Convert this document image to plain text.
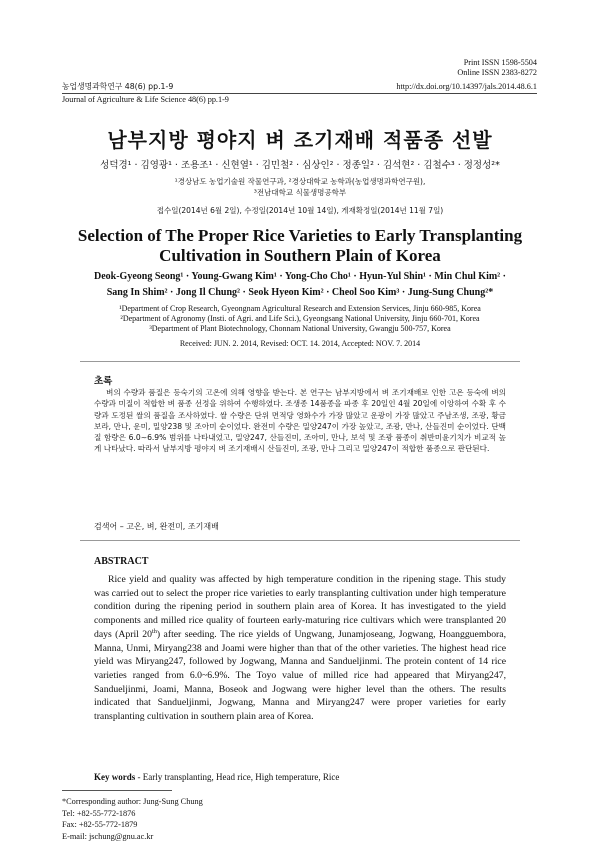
Print ISSN 1598-5504
Online ISSN 2383-8272
농업생명과학연구 48(6) pp.1-9	http://dx.doi.org/10.14397/jals.2014.48.6.1
Journal of Agriculture & Life Science 48(6) pp.1-9
남부지방 평야지 벼 조기재배 적품종 선발
성덕경¹ · 김영광¹ · 조용조¹ · 신현열¹ · 김민철² · 심상인² · 정종일² · 김석현² · 김철수³ · 정정성²*
¹경상남도 농업기술원 작물연구과, ²경상대학교 농학과(농업생명과학연구원),
³전남대학교 식물생명공학부
접수일(2014년 6월 2일), 수정일(2014년 10월 14일), 게재확정일(2014년 11월 7일)
Selection of The Proper Rice Varieties to Early Transplanting
Cultivation in Southern Plain of Korea
Deok-Gyeong Seong¹ · Young-Gwang Kim¹ · Yong-Cho Cho¹ · Hyun-Yul Shin¹ · Min Chul Kim² ·
Sang In Shim² · Jong Il Chung² · Seok Hyeon Kim² · Cheol Soo Kim³ · Jung-Sung Chung²*
¹Department of Crop Research, Gyeongnam Agricultural Research and Extension Services, Jinju 660-985, Korea
²Department of Agronomy (Insti. of Agri. and Life Sci.), Gyeongsang National University, Jinju 660-701, Korea
³Department of Plant Biotechnology, Chonnam National University, Gwangju 500-757, Korea
Received: JUN. 2. 2014, Revised: OCT. 14. 2014, Accepted: NOV. 7. 2014
초록
벼의 수량과 품질은 등숙기의 고온에 의해 영향을 받는다. 본 연구는 남부지방에서 벼 조기재배로 인한 고온 등숙에 벼의 수량과 미질이 적합한 벼 품종 선정을 위하여 수행하였다. 조생종 14품종을 파종 후 20일인 4월 20일에 이앙하여 수확 후 수량과 도정된 쌀의 품질을 조사하였다. 쌀 수량은 단위 면적당 영화수가 가장 많았고 운광이 가장 많았고 주남조생, 조광, 황금보라, 만나, 운미, 밀양238 및 조아미 순이었다. 완전미 수량은 밀양247이 가장 높았고, 조광, 만나, 산들진미 순이었다. 단백질 함량은 6.0∼6.9% 범위를 나타내었고, 밀양247, 산들진미, 조아미, 만나, 보석 및 조광 품종이 취반미윤기치가 비교적 높게 나타났다. 따라서 남부지방 평야지 벼 조기재배시 산들진미, 조광, 만나 그리고 밀양247이 적합한 품종으로 판단된다.
검색어 – 고온, 벼, 완전미, 조기재배
ABSTRACT
Rice yield and quality was affected by high temperature condition in the ripening stage. This study was carried out to select the proper rice varieties to early transplanting cultivation under high temperature condition during the ripening period in southern plain area of Korea. It has investigated to the yield components and milled rice quality of fourteen early-maturing rice cultivars which were transplanted 20 days (April 20th) after seeding. The rice yields of Ungwang, Junamjoseang, Jogwang, Hoangguembora, Manna, Unmi, Miryang238 and Joami were higher than that of the other varieties. The highest head rice yield was Miryang247, followed by Jogwang, Manna and Sandueljinmi. The protein content of 14 rice varieties ranged from 6.0~6.9%. The Toyo value of milled rice had appeared that Miryang247, Sandueljinmi, Joami, Manna, Boseok and Jogwang were higher level than the others. The results indicated that Sandueljinmi, Jogwang, Manna and Miryang247 were proper varieties for early transplanting cultivation in southern plain area of Korea.
Key words - Early transplanting, Head rice, High temperature, Rice
*Corresponding author: Jung-Sung Chung
Tel: +82-55-772-1876
Fax: +82-55-772-1879
E-mail: jschung@gnu.ac.kr
